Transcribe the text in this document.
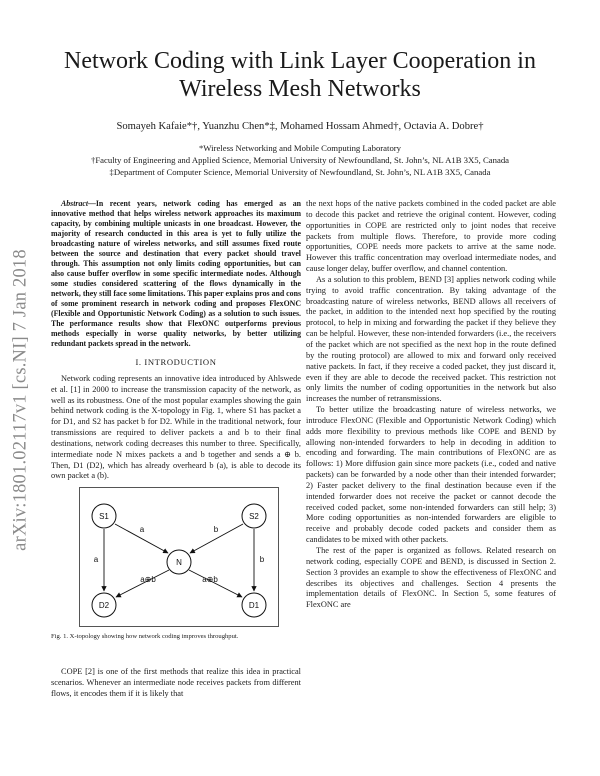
arXiv:1801.02117v1 [cs.NI] 7 Jan 2018
Network Coding with Link Layer Cooperation in Wireless Mesh Networks
Somayeh Kafaie*†, Yuanzhu Chen*‡, Mohamed Hossam Ahmed†, Octavia A. Dobre†
*Wireless Networking and Mobile Computing Laboratory
†Faculty of Engineering and Applied Science, Memorial University of Newfoundland, St. John’s, NL A1B 3X5, Canada
‡Department of Computer Science, Memorial University of Newfoundland, St. John’s, NL A1B 3X5, Canada

Abstract—In recent years, network coding has emerged as an innovative method that helps wireless network approaches its maximum capacity, by combining multiple unicasts in one broadcast. However, the majority of research conducted in this area is yet to fully utilize the broadcasting nature of wireless networks, and still assumes fixed route between the source and destination that every packet should travel through. This assumption not only limits coding opportunities, but can also cause buffer overflow in some specific intermediate nodes. Although some studies considered scattering of the flows dynamically in the network, they still face some limitations. This paper explains pros and cons of some prominent research in network coding and proposes FlexONC (Flexible and Opportunistic Network Coding) as a solution to such issues. The performance results show that FlexONC outperforms previous methods especially in worse quality networks, by better utilizing redundant packets spread in the network.

I. INTRODUCTION

Network coding represents an innovative idea introduced by Ahlswede et al. [1] in 2000 to increase the transmission capacity of the network, as well as its robustness. One of the most popular examples showing the gain behind network coding is the X-topology in Fig. 1, where S1 has packet a for D1, and S2 has packet b for D2. While in the traditional network, four transmissions are required to deliver packets a and b to their final destinations, network coding decreases this number to three. Specifically, intermediate node N mixes packets a and b together and sends a ⊕ b. Then, D1 (D2), which has already overheard b (a), is able to decode its own packet a (b).

S1	S2
N
D2	D1
a	b
a	b
a⊕b	a⊕b
Fig. 1. X-topology showing how network coding improves throughput.

COPE [2] is one of the first methods that realize this idea in practical scenarios. Whenever an intermediate node receives packets from different flows, it encodes them if it is likely that

the next hops of the native packets combined in the coded packet are able to decode this packet and retrieve the original content. However, coding opportunities in COPE are restricted only to joint nodes that receive packets from multiple flows. Therefore, to provide more coding opportunities, COPE needs more packets to arrive at the same node. However this traffic concentration may overload intermediate nodes, and cause longer delay, buffer overflow, and channel contention.

As a solution to this problem, BEND [3] applies network coding while trying to avoid traffic concentration. By taking advantage of the broadcasting nature of wireless networks, BEND allows all receivers of the packet, in addition to the intended next hop specified by the routing protocol, to help in mixing and forwarding the packet if they believe they can be helpful. However, these non-intended forwarders (i.e., the receivers of the packet which are not specified as the next hop in the route defined by the routing protocol) are allowed to mix and forward only received native packets. In fact, if they receive a coded packet, they just discard it, even if they are able to decode the received packet. This restriction not only limits the number of coding opportunities in the network but also increases the number of retransmissions.

To better utilize the broadcasting nature of wireless networks, we introduce FlexONC (Flexible and Opportunistic Network Coding) which adds more flexibility to previous methods like COPE and BEND by allowing non-intended forwarders to help in decoding in addition to encoding and forwarding. The main contributions of FlexONC are as follows: 1) More diffusion gain since more packets (i.e., coded and native packets) can be forwarded by a node other than their intended forwarder; 2) Faster packet delivery to the final destination because even if the intended forwarder does not receive the packet or cannot decode the received coded packet, some non-intended forwarders can still help; 3) More coding opportunities as non-intended forwarders are eligible to receive and probably decode coded packets and consider them as candidates to be mixed with other packets.

The rest of the paper is organized as follows. Related research on network coding, especially COPE and BEND, is discussed in Section 2. Section 3 provides an example to show the effectiveness of FlexONC and describes its objectives and challenges. Section 4 presents the implementation details of FlexONC. In Section 5, some features of FlexONC are
